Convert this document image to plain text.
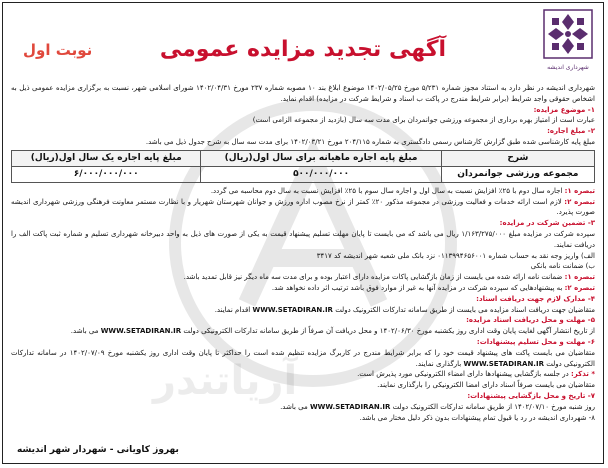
آریاتندر
شهرداری اندیشه
آگهی تجدید مزایده عمومی
نوبت اول

شهرداری اندیشه در نظر دارد به استناد مجوز شماره ۵/۲۳۱ مورخ ۱۴۰۲/۰۵/۲۵ موضوع ابلاغ بند ۱۰ مصوبه شماره ۲۳۷ مورخ ۱۴۰۲/۰۴/۳۱ شورای اسلامی شهر، نسبت به برگزاری مزایده عمومی ذیل به اشخاص حقوقی واجد شرایط (برابر شرایط مندرج در پاکت ب اسناد و شرایط شرکت در مزایده) اقدام نماید.

۱- موضوع مزایده:

عبارت است از امتیاز بهره برداری از مجموعه ورزشی جوانمردان برای مدت سه سال (بازدید از مجموعه الزامی است)

۲- مبلغ اجاره:

مبلغ پایه کارشناسی شده طبق گزارش کارشناس رسمی دادگستری به شماره ۲۰۴/۱۱۵ مورخ ۱۴۰۲/۰۳/۲۱ برای مدت سه سال به شرح جدول ذیل می باشد.

شرح	مبلغ پایه اجاره ماهیانه برای سال اول(ریال)	مبلغ پایه اجاره یک سال اول(ریال)
مجموعه ورزشی جوانمردان	۵۰۰/۰۰۰/۰۰۰	۶/۰۰۰/۰۰۰/۰۰۰

تبصره ۱: اجاره سال دوم با ۲۵٪ افزایش نسبت به سال اول و اجاره سال سوم با ۲۵٪ افزایش نسبت به سال دوم محاسبه می گردد.

تبصره ۲: لازم است ارائه خدمات و فعالیت ورزشی در مجموعه مذکور ۲۰٪ کمتر از نرخ مصوب اداره ورزش و جوانان شهرستان شهریار و با نظارت مستمر معاونت فرهنگی ورزشی شهرداری اندیشه صورت پذیرد.

۳- تضمین شرکت در مزایده:

سپرده شرکت در مزایده مبلغ ۱/۱۶۳/۲۷۵/۰۰۰ ریال می باشد که می بایست تا پایان مهلت تسلیم پیشنهاد قیمت به یکی از صورت های ذیل به واحد دبیرخانه شهرداری تسلیم و شماره ثبت پاکت الف را دریافت نمایند.

الف) واریز وجه نقد به حساب شماره ۰۱۱۳۹۹۴۶۵۶۰۰۱ نزد بانک ملی شعبه شهر اندیشه کد ۳۴۱۷

ب) ضمانت نامه بانکی

تبصره ۱: ضمانت نامه ارائه شده می بایست از زمان بازگشایی پاکات مزایده دارای اعتبار بوده و برای مدت سه ماه دیگر نیز قابل تمدید باشد.

تبصره ۲: به پیشنهادهایی که سپرده شرکت در مزایده آنها به غیر از موارد فوق باشد ترتیب اثر داده نخواهد شد.

۴- مدارک لازم جهت دریافت اسناد:

متقاضیان جهت دریافت اسناد مزایده می بایست از طریق سامانه تدارکات الکترونیک دولت WWW.SETADIRAN.IR اقدام نمایند.

۵- مهلت و محل دریافت اسناد مزایده:

از تاریخ انتشار آگهی لغایت پایان وقت اداری روز یکشنبه مورخ ۱۴۰۲/۰۶/۳۰ و محل دریافت آن صرفاً از طریق سامانه تدارکات الکترونیکی دولت WWW.SETADIRAN.IR می باشد.

۶- مهلت و محل تسلیم پیشنهادات:

متقاضیان می بایست پاکت های پیشنهاد قیمت خود را که برابر شرایط مندرج در کاربرگ مزایده تنظیم شده است را حداکثر تا پایان وقت اداری روز یکشنبه مورخ ۱۴۰۲/۰۷/۰۹ در سامانه تدارکات الکترونیکی دولت WWW.SETADIRAN.IR بارگذاری نمایند.

* تذکر: در جلسه بازگشایی پیشنهادها دارای امضاء الکترونیکی مورد پذیرش است.

متقاضیان می بایست صرفاً اسناد دارای امضا الکترونیکی را بارگذاری نمایند.

۷- تاریخ و محل بازگشایی پیشنهادات:

روز شنبه مورخ ۱۴۰۲/۰۷/۱۰ از طریق سامانه تدارکات الکترونیک دولت WWW.SETADIRAN.IR می باشد.

۸- شهرداری اندیشه در رد یا قبول تمام پیشنهادات بدون ذکر دلیل مختار می باشد.

بهروز کاویانی - شهردار شهر اندیشه
